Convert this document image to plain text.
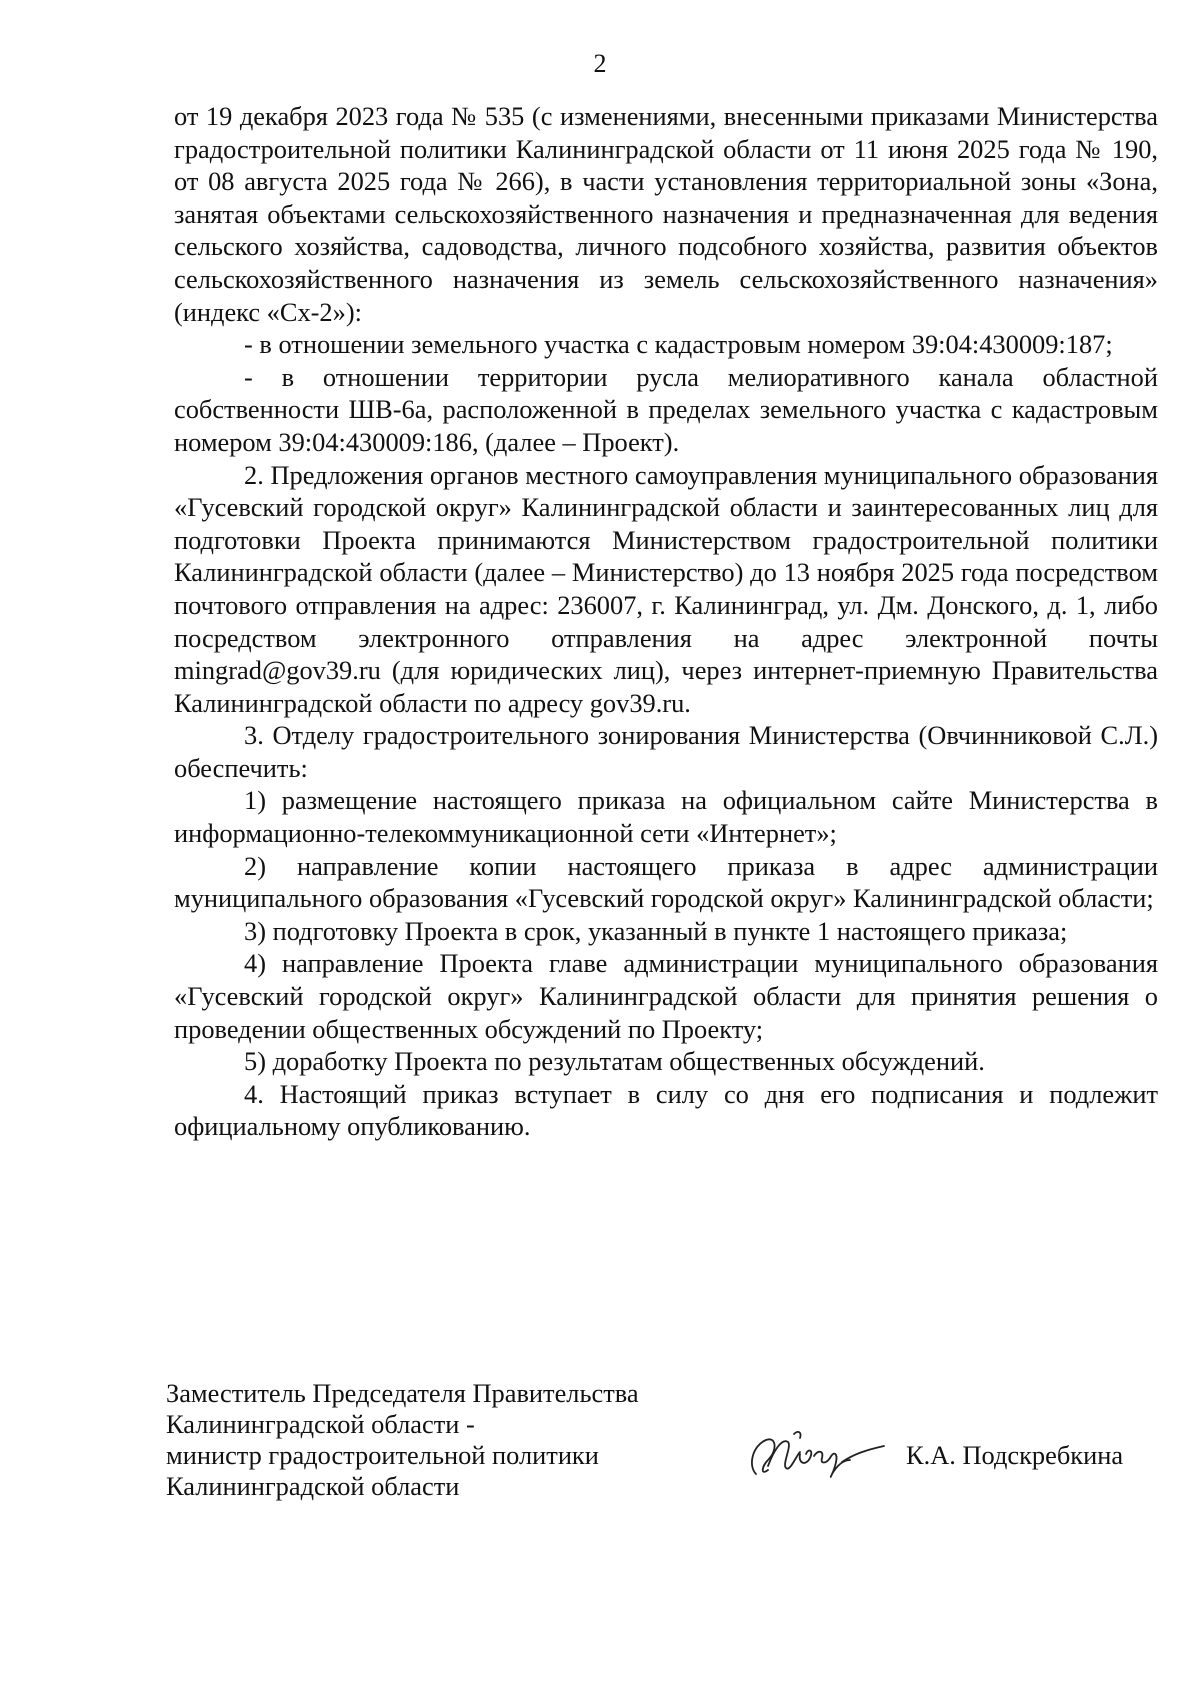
2

от 19 декабря 2023 года № 535 (с изменениями, внесенными приказами Министерства градостроительной политики Калининградской области от 11 июня 2025 года № 190, от 08 августа 2025 года № 266), в части установления территориальной зоны «Зона, занятая объектами сельскохозяйственного назначения и предназначенная для ведения сельского хозяйства, садоводства, личного подсобного хозяйства, развития объектов сельскохозяйственного назначения из земель сельскохозяйственного назначения» (индекс «Сх-2»):

- в отношении земельного участка с кадастровым номером 39:04:430009:187;

- в отношении территории русла мелиоративного канала областной собственности ШВ-6а, расположенной в пределах земельного участка с кадастровым номером 39:04:430009:186, (далее – Проект).

2. Предложения органов местного самоуправления муниципального образования «Гусевский городской округ» Калининградской области и заинтересованных лиц для подготовки Проекта принимаются Министерством градостроительной политики Калининградской области (далее – Министерство) до 13 ноября 2025 года посредством почтового отправления на адрес: 236007, г. Калининград, ул. Дм. Донского, д. 1, либо посредством электронного отправления на адрес электронной почты mingrad@gov39.ru (для юридических лиц), через интернет-приемную Правительства Калининградской области по адресу gov39.ru.

3. Отделу градостроительного зонирования Министерства (Овчинниковой С.Л.) обеспечить:

1) размещение настоящего приказа на официальном сайте Министерства в информационно-телекоммуникационной сети «Интернет»;

2) направление копии настоящего приказа в адрес администрации муниципального образования «Гусевский городской округ» Калининградской области;

3) подготовку Проекта в срок, указанный в пункте 1 настоящего приказа;

4) направление Проекта главе администрации муниципального образования «Гусевский городской округ» Калининградской области для принятия решения о проведении общественных обсуждений по Проекту;

5) доработку Проекта по результатам общественных обсуждений.

4. Настоящий приказ вступает в силу со дня его подписания и подлежит официальному опубликованию.

Заместитель Председателя Правительства
Калининградской области -
министр градостроительной политики
Калининградской области
К.А. Подскребкина
